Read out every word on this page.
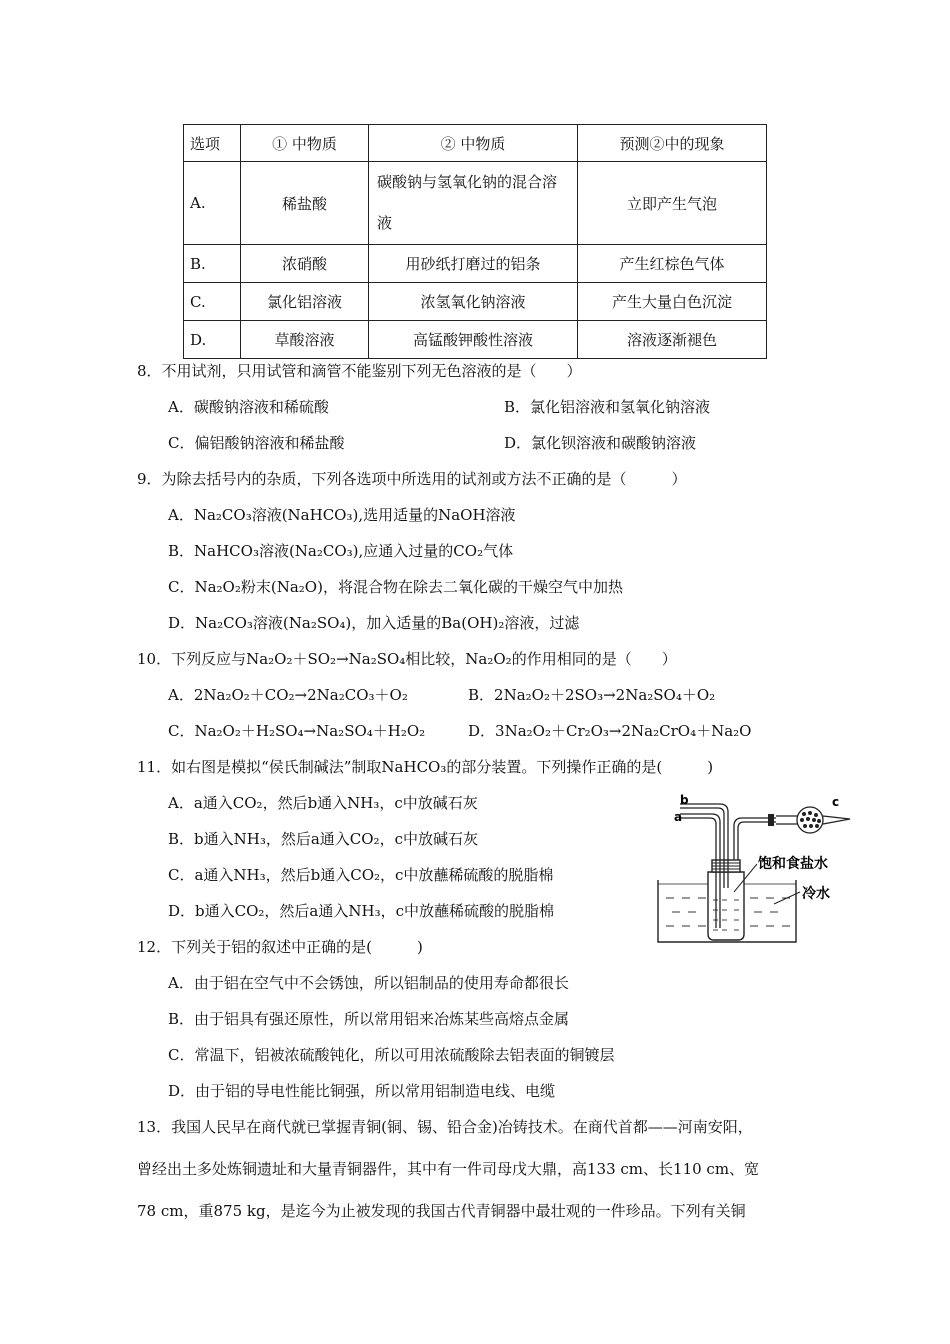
选项	① 中物质	② 中物质	预测②中的现象
A.	稀盐酸	碳酸钠与氢氧化钠的混合溶液	立即产生气泡
B.	浓硝酸	用砂纸打磨过的铝条	产生红棕色气体
C.	氯化铝溶液	浓氢氧化钠溶液	产生大量白色沉淀
D.	草酸溶液	高锰酸钾酸性溶液	溶液逐渐褪色
8．不用试剂，只用试管和滴管不能鉴别下列无色溶液的是（　　）
A．碳酸钠溶液和稀硫酸	B．氯化铝溶液和氢氧化钠溶液
C．偏铝酸钠溶液和稀盐酸	D．氯化钡溶液和碳酸钠溶液
9．为除去括号内的杂质，下列各选项中所选用的试剂或方法不正确的是（　　　）
A．Na₂CO₃溶液(NaHCO₃),选用适量的NaOH溶液
B．NaHCO₃溶液(Na₂CO₃),应通入过量的CO₂气体
C．Na₂O₂粉末(Na₂O)，将混合物在除去二氧化碳的干燥空气中加热
D．Na₂CO₃溶液(Na₂SO₄)，加入适量的Ba(OH)₂溶液，过滤
10．下列反应与Na₂O₂＋SO₂→Na₂SO₄相比较，Na₂O₂的作用相同的是（　　）
A．2Na₂O₂＋CO₂→2Na₂CO₃＋O₂	B．2Na₂O₂＋2SO₃→2Na₂SO₄＋O₂
C．Na₂O₂＋H₂SO₄→Na₂SO₄＋H₂O₂	D．3Na₂O₂＋Cr₂O₃→2Na₂CrO₄＋Na₂O
11．如右图是模拟“侯氏制碱法”制取NaHCO₃的部分装置。下列操作正确的是(　　　)
A．a通入CO₂，然后b通入NH₃，c中放碱石灰
B．b通入NH₃，然后a通入CO₂，c中放碱石灰
C．a通入NH₃，然后b通入CO₂，c中放蘸稀硫酸的脱脂棉
D．b通入CO₂，然后a通入NH₃，c中放蘸稀硫酸的脱脂棉
b
a
c
饱和食盐水
冷水
12．下列关于铝的叙述中正确的是(　　　)
A．由于铝在空气中不会锈蚀，所以铝制品的使用寿命都很长
B．由于铝具有强还原性，所以常用铝来冶炼某些高熔点金属
C．常温下，铝被浓硫酸钝化，所以可用浓硫酸除去铝表面的铜镀层
D．由于铝的导电性能比铜强，所以常用铝制造电线、电缆
13．我国人民早在商代就已掌握青铜(铜、锡、铅合金)冶铸技术。在商代首都——河南安阳，
曾经出土多处炼铜遗址和大量青铜器件，其中有一件司母戊大鼎，高133 cm、长110 cm、宽
78 cm，重875 kg，是迄今为止被发现的我国古代青铜器中最壮观的一件珍品。下列有关铜
